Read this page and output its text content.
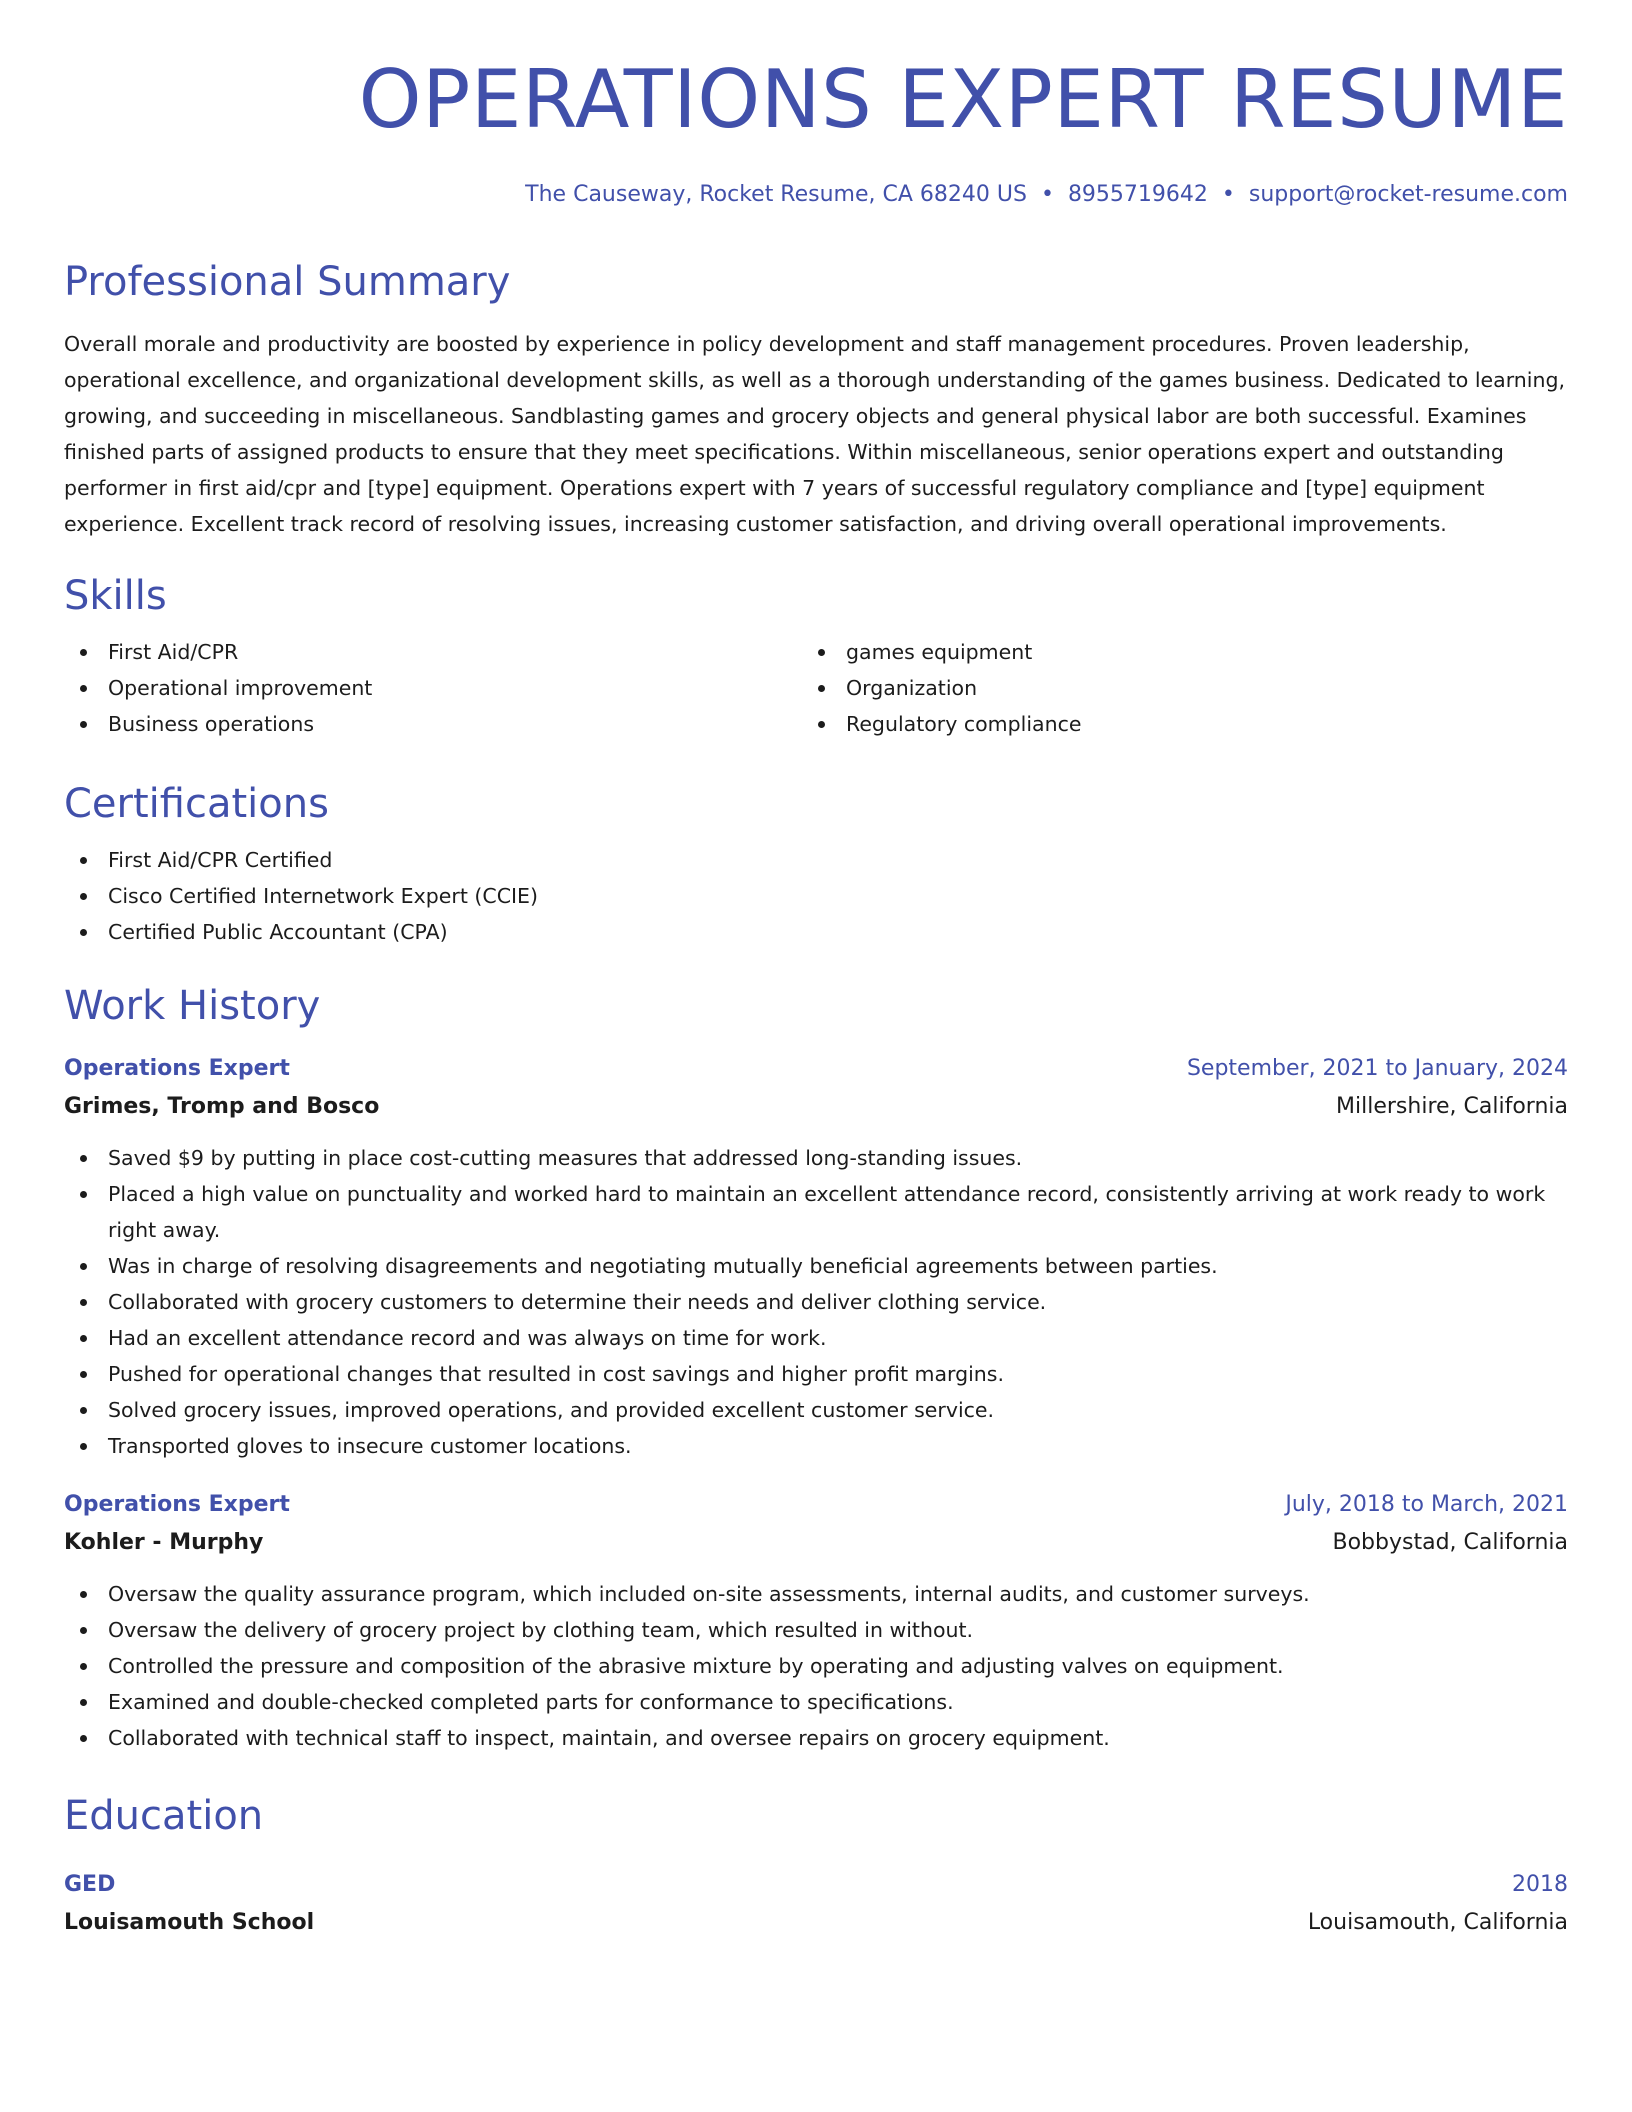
OPERATIONS EXPERT RESUME
The Causeway, Rocket Resume, CA 68240 US • 8955719642 • support@rocket-resume.com
Professional Summary

Overall morale and productivity are boosted by experience in policy development and staff management procedures. Proven leadership, operational excellence, and organizational development skills, as well as a thorough understanding of the games business. Dedicated to learning, growing, and succeeding in miscellaneous. Sandblasting games and grocery objects and general physical labor are both successful. Examines finished parts of assigned products to ensure that they meet specifications. Within miscellaneous, senior operations expert and outstanding performer in first aid/cpr and [type] equipment. Operations expert with 7 years of successful regulatory compliance and [type] equipment experience. Excellent track record of resolving issues, increasing customer satisfaction, and driving overall operational improvements.

Skills
First Aid/CPR
Operational improvement
Business operations
games equipment
Organization
Regulatory compliance
Certifications
First Aid/CPR Certified
Cisco Certified Internetwork Expert (CCIE)
Certified Public Accountant (CPA)
Work History
Operations Expert	September, 2021 to January, 2024
Grimes, Tromp and Bosco	Millershire, California
Saved $9 by putting in place cost-cutting measures that addressed long-standing issues.
Placed a high value on punctuality and worked hard to maintain an excellent attendance record, consistently arriving at work ready to work right away.
Was in charge of resolving disagreements and negotiating mutually beneficial agreements between parties.
Collaborated with grocery customers to determine their needs and deliver clothing service.
Had an excellent attendance record and was always on time for work.
Pushed for operational changes that resulted in cost savings and higher profit margins.
Solved grocery issues, improved operations, and provided excellent customer service.
Transported gloves to insecure customer locations.
Operations Expert	July, 2018 to March, 2021
Kohler - Murphy	Bobbystad, California
Oversaw the quality assurance program, which included on-site assessments, internal audits, and customer surveys.
Oversaw the delivery of grocery project by clothing team, which resulted in without.
Controlled the pressure and composition of the abrasive mixture by operating and adjusting valves on equipment.
Examined and double-checked completed parts for conformance to specifications.
Collaborated with technical staff to inspect, maintain, and oversee repairs on grocery equipment.
Education
GED	2018
Louisamouth School	Louisamouth, California
